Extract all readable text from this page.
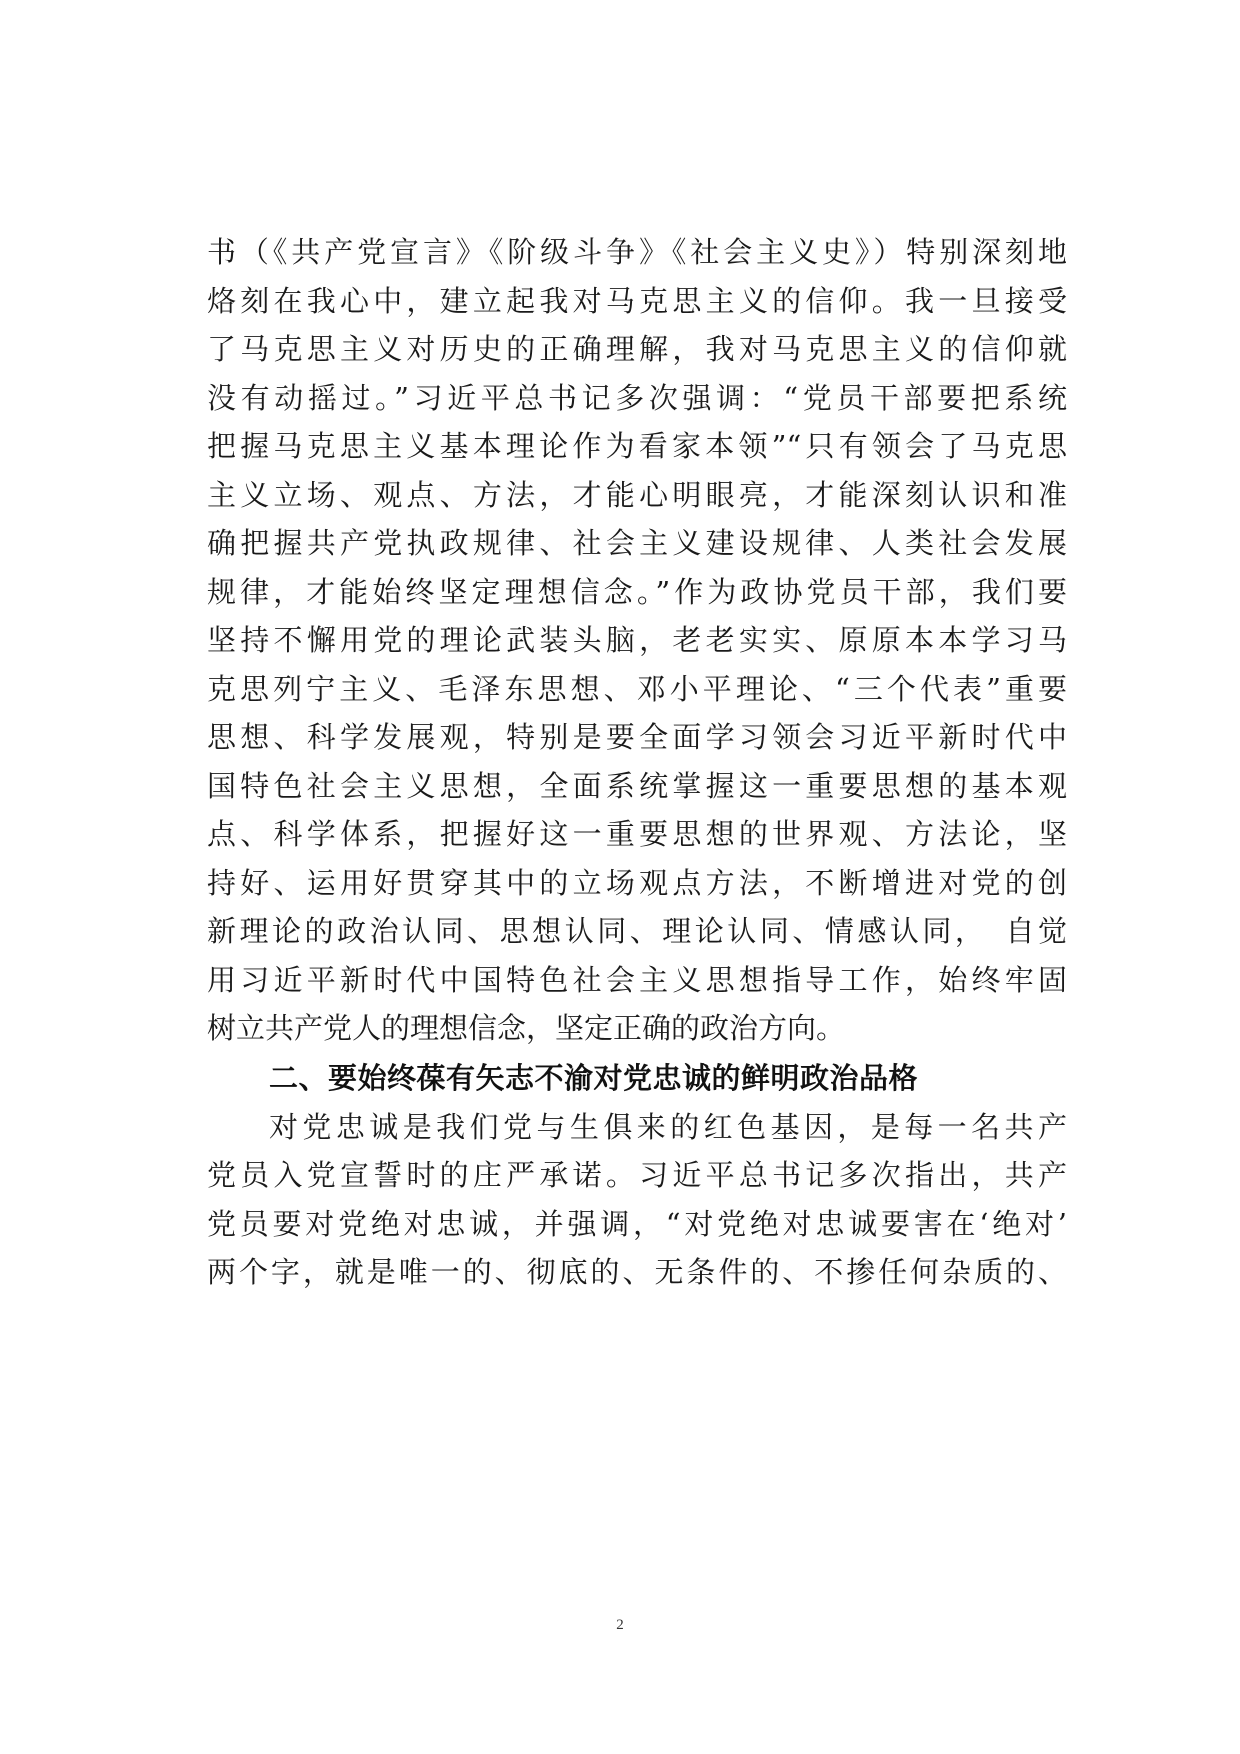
书（《共产党宣言》《阶级斗争》《社会主义史》）特别深刻地
烙刻在我心中，建立起我对马克思主义的信仰。我一旦接受
了马克思主义对历史的正确理解，我对马克思主义的信仰就
没有动摇过。”习近平总书记多次强调：“党员干部要把系统
把握马克思主义基本理论作为看家本领”“只有领会了马克思
主义立场、观点、方法，才能心明眼亮，才能深刻认识和准
确把握共产党执政规律、社会主义建设规律、人类社会发展
规律，才能始终坚定理想信念。”作为政协党员干部，我们要
坚持不懈用党的理论武装头脑，老老实实、原原本本学习马
克思列宁主义、毛泽东思想、邓小平理论、“三个代表”重要
思想、科学发展观，特别是要全面学习领会习近平新时代中
国特色社会主义思想，全面系统掌握这一重要思想的基本观
点、科学体系，把握好这一重要思想的世界观、方法论，坚
持好、运用好贯穿其中的立场观点方法，不断增进对党的创
新理论的政治认同、思想认同、理论认同、情感认同，　自觉
用习近平新时代中国特色社会主义思想指导工作，始终牢固
树立共产党人的理想信念，坚定正确的政治方向。
二、要始终葆有矢志不渝对党忠诚的鲜明政治品格
对党忠诚是我们党与生俱来的红色基因，是每一名共产
党员入党宣誓时的庄严承诺。习近平总书记多次指出，共产
党员要对党绝对忠诚，并强调，“对党绝对忠诚要害在‘绝对’
两个字，就是唯一的、彻底的、无条件的、不掺任何杂质的、
2
